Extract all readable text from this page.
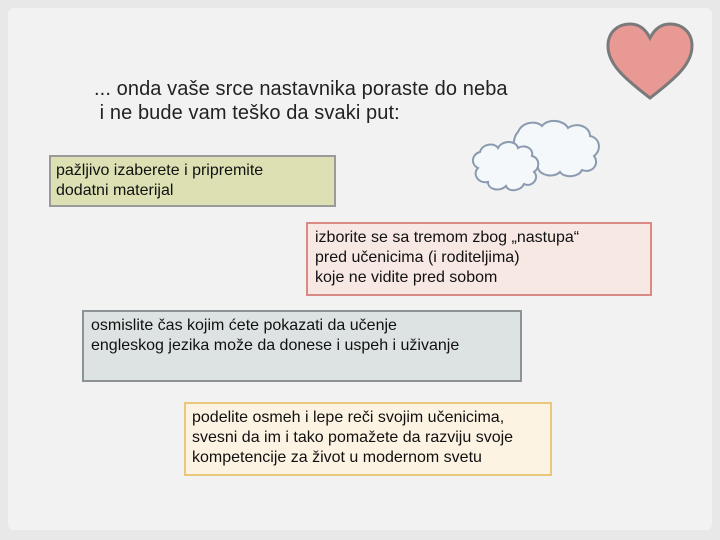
... onda vaše srce nastavnika poraste do neba
i ne bude vam teško da svaki put:
pažljivo izaberete i pripremite
dodatni materijal
izborite se sa tremom zbog „nastupa“
pred učenicima (i roditeljima)
koje ne vidite pred sobom
osmislite čas kojim ćete pokazati da učenje
engleskog jezika može da donese i uspeh i uživanje
podelite osmeh i lepe reči svojim učenicima,
svesni da im i tako pomažete da razviju svoje
kompetencije za život u modernom svetu
